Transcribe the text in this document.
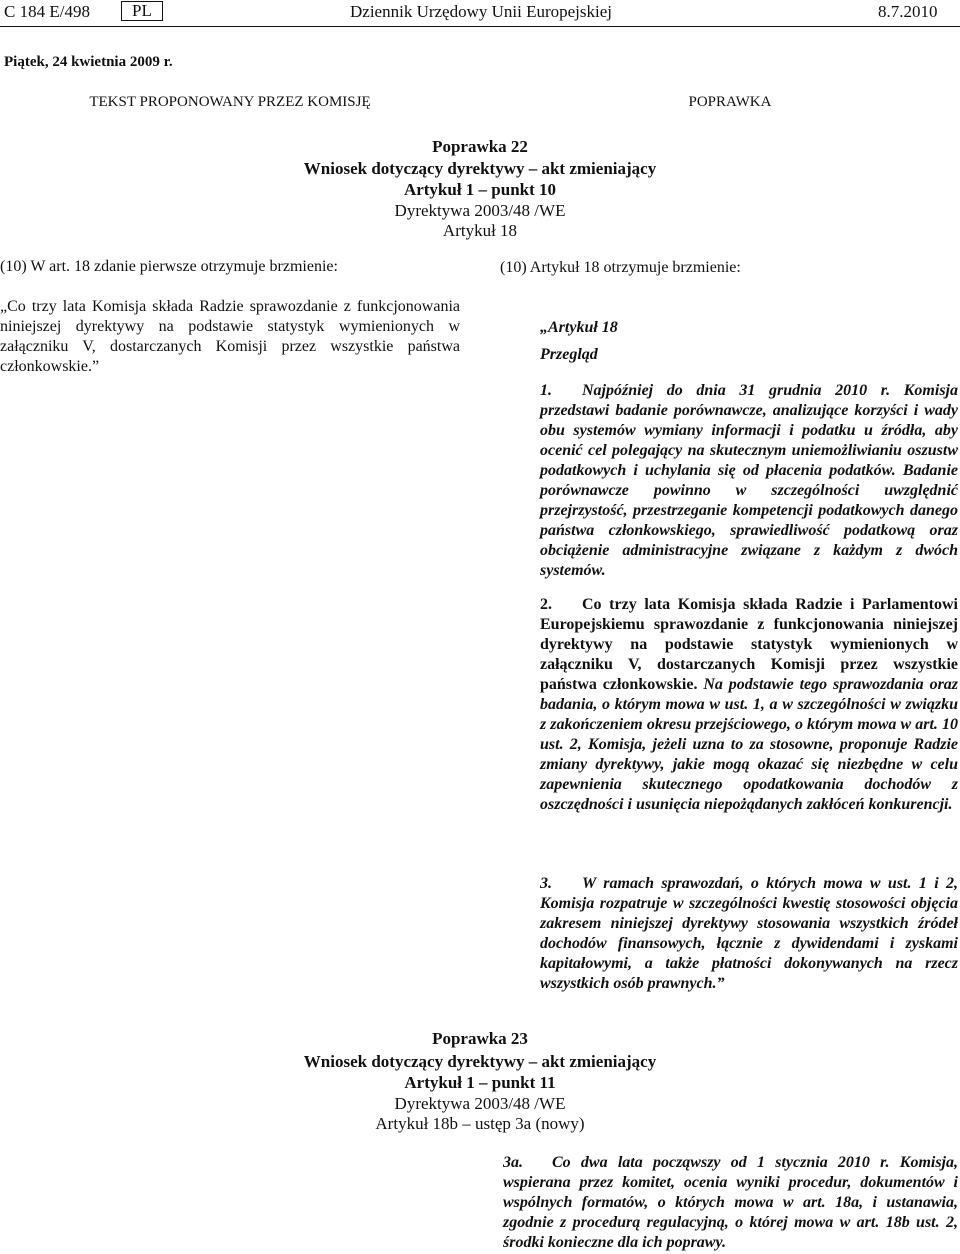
C 184 E/498	PL	Dziennik Urzędowy Unii Europejskiej	8.7.2010
Piątek, 24 kwietnia 2009 r.
TEKST PROPONOWANY PRZEZ KOMISJĘ	POPRAWKA
Poprawka 22
Wniosek dotyczący dyrektywy – akt zmieniający
Artykuł 1 – punkt 10
Dyrektywa 2003/48 /WE
Artykuł 18
(10) W art. 18 zdanie pierwsze otrzymuje brzmienie:
„Co trzy lata Komisja składa Radzie sprawozdanie z funkcjonowania niniejszej dyrektywy na podstawie statystyk wymienionych w załączniku V, dostarczanych Komisji przez wszystkie państwa członkowskie.”
(10) Artykuł 18 otrzymuje brzmienie:
„Artykuł 18
Przegląd
1. Najpóźniej do dnia 31 grudnia 2010 r. Komisja przedstawi badanie porównawcze, analizujące korzyści i wady obu systemów wymiany informacji i podatku u źródła, aby ocenić cel polegający na skutecznym uniemożliwianiu oszustw podatkowych i uchylania się od płacenia podatków. Badanie porównawcze powinno w szczególności uwzględnić przejrzystość, przestrzeganie kompetencji podatkowych danego państwa członkowskiego, sprawiedliwość podatkową oraz obciążenie administracyjne związane z każdym z dwóch systemów.
2. Co trzy lata Komisja składa Radzie i Parlamentowi Europejskiemu sprawozdanie z funkcjonowania niniejszej dyrektywy na podstawie statystyk wymienionych w załączniku V, dostarczanych Komisji przez wszystkie państwa członkowskie. Na podstawie tego sprawozdania oraz badania, o którym mowa w ust. 1, a w szczególności w związku z zakończeniem okresu przejściowego, o którym mowa w art. 10 ust. 2, Komisja, jeżeli uzna to za stosowne, proponuje Radzie zmiany dyrektywy, jakie mogą okazać się niezbędne w celu zapewnienia skutecznego opodatkowania dochodów z oszczędności i usunięcia niepożądanych zakłóceń konkurencji.
3. W ramach sprawozdań, o których mowa w ust. 1 i 2, Komisja rozpatruje w szczególności kwestię stosowości objęcia zakresem niniejszej dyrektywy stosowania wszystkich źródeł dochodów finansowych, łącznie z dywidendami i zyskami kapitałowymi, a także płatności dokonywanych na rzecz wszystkich osób prawnych.”
Poprawka 23
Wniosek dotyczący dyrektywy – akt zmieniający
Artykuł 1 – punkt 11
Dyrektywa 2003/48 /WE
Artykuł 18b – ustęp 3a (nowy)
3a. Co dwa lata począwszy od 1 stycznia 2010 r. Komisja, wspierana przez komitet, ocenia wyniki procedur, dokumentów i wspólnych formatów, o których mowa w art. 18a, i ustanawia, zgodnie z procedurą regulacyjną, o której mowa w art. 18b ust. 2, środki konieczne dla ich poprawy.
